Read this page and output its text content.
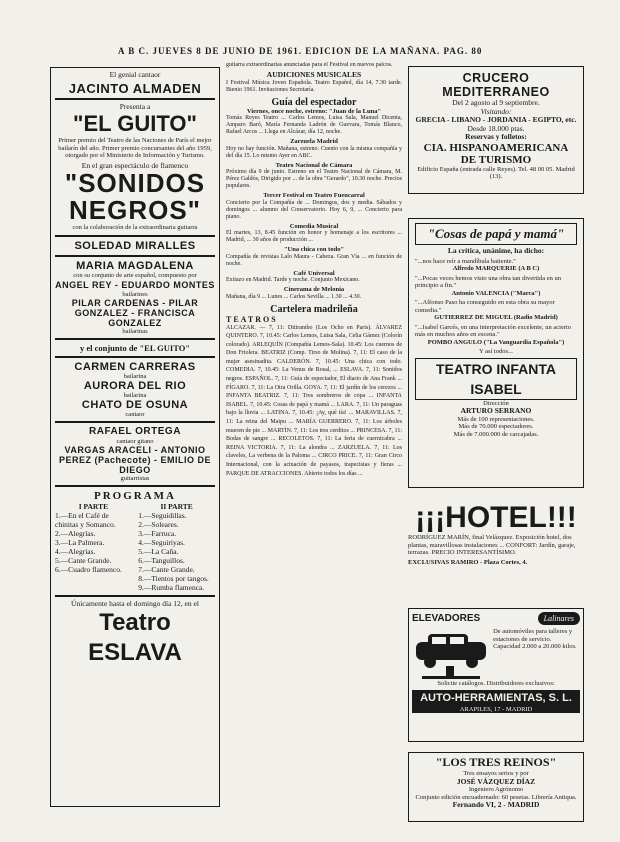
A B C. JUEVES 8 DE JUNIO DE 1961. EDICION DE LA MAÑANA. PAG. 80
El genial cantaor
JACINTO ALMADEN
Presenta a
"EL GUITO"
Primer premio del Teatro de las Naciones de París el mejor bailarín del año. Primer premio concursantes del año 1959, otorgado por el Ministerio de Información y Turismo.
En el gran espectáculo de flamenco
"SONIDOS
NEGROS"
con la colaboración de la extraordinaria guitarra
SOLEDAD MIRALLES
MARIA MAGDALENA
con su conjunto de arte español, compuesto por
ANGEL REY - EDUARDO MONTES
bailarines
PILAR CARDENAS - PILAR GONZALEZ - FRANCISCA GONZALEZ
bailarinas
y el conjunto de "EL GUITO"
CARMEN CARRERAS
bailarina
AURORA DEL RIO
bailarina
CHATO DE OSUNA
cantaor
RAFAEL ORTEGA
cantaor gitano
VARGAS ARACELI - ANTONIO PEREZ (Pachecote) - EMILIO DE DIEGO
guitarristas
PROGRAMA
I PARTE
1.—En el Café de chinitas y Somanco.
2.—Alegrías.
3.—La Palmera.
4.—Alegrías.
5.—Cante Grande.
6.—Cuadro flamenco.
II PARTE
1.—Seguidillas.
2.—Soleares.
3.—Farruca.
4.—Seguiriyas.
5.—La Caña.
6.—Tanguillos.
7.—Cante Grande.
8.—Tientos por tangos.
9.—Rumba flamenca.
Únicamente hasta el domingo día 12, en el
Teatro ESLAVA
guitarra extraordinarias anunciadas para el Festival en nuevos palcos.
AUDICIONES MUSICALES
I Festival Música Joven Española. Teatro Español, día 14, 7.30 tarde. Bienio 1961. Invitaciones Secretaría.
Guía del espectador
Viernes, once noche, estreno: "Juan de la Luna"
Tomás Reyes Teatro ... Carlos Lemos, Luisa Sala, Manuel Dicenta, Amparo Baró, María Fernanda Ladrón de Guevara, Tomás Blanco, Rafael Arcos ... Llega en Alcázar, día 12, noche.
Zarzuela Madrid
Hoy no hay función. Mañana, estreno. Cuento con la misma compañía y del día 15. Lo mismo Ayer en ABC.
Teatro Nacional de Cámara
Próximo día 9 de junio. Estreno en el Teatro Nacional de Cámara, M. Pérez Galdós, Dirigido por ... de la obra "Gerardo", 10.30 noche. Precios populares.
Tercer Festival en Teatro Fuencarral
Concierto por la Compañía de ... Domingos, dos y media. Sábados y domingos ... alumno del Conservatorio. Hoy 6, 9, ... Concierto para piano.
Comedia Musical
El martes, 13, 8.45 función en honor y homenaje a los escritores ... Madrid, ... 30 años de producción ...
"Una chica con todo"
Compañía de revistas Lalo Maura - Cabeza. Gran Vía ... en función de noche.
Café Universal
Exitazo en Madrid. Tarde y noche. Conjunto Mexicano.
Cinerama de Melonia
Mañana, día 9 ... Lunes ... Carlos Sevilla ... 1.30 ... 4.30.
Cartelera madrileña
TEATROS
ALCAZAR. — 7, 11: Ditirambo (Los Ocho en Paris). ÁLVAREZ QUINTERO. 7, 10.45: Carlos Lemos, Luisa Sala, Celia Gámez (Colorín colorado). ARLEQUÍN (Compañía Lemos-Sala). 10.45: Los cuernos de Don Friolera. BEATRIZ (Comp. Tirso de Molina). 7, 11: El caso de la mujer asesinadita. CALDERÓN. 7, 10.45: Una chica con todo. COMEDIA. 7, 10.45: La Venus de Rosal, ... ESLAVA. 7, 11: Sonidos negros. ESPAÑOL. 7, 11: Guía de espectador, El diario de Ana Frank ... FÍGARO. 7, 11: La Otra Orilla. GOYA. 7, 11: El jardín de los cerezos ... INFANTA BEATRIZ. 7, 11: Tres sombreros de copa ... INFANTA ISABEL. 7, 10.45: Cosas de papá y mamá ... LARA. 7, 11: Un paraguas bajo la lluvia ... LATINA. 7, 10.45: ¡Ay, qué tía! ... MARAVILLAS. 7, 11: La reina del Maipu ... MARÍA GUERRERO. 7, 11: Los árboles mueren de pie ... MARTÍN. 7, 11: Los tres cerditos ... PRINCESA. 7, 11: Bodas de sangre ... RECOLETOS. 7, 11: La feria de cuernicabra ... REINA VICTORIA. 7, 11: La alondra ... ZARZUELA. 7, 11: Los claveles, La verbena de la Paloma ... CIRCO PRICE. 7, 11: Gran Circo Internacional, con la actuación de payasos, trapecistas y fieras ... PARQUE DE ATRACCIONES. Abierto todos los días ...
CRUCERO MEDITERRANEO
Del 2 agosto al 9 septiembre.
Visitando:
GRECIA - LIBANO - JORDANIA - EGIPTO, etc.
Desde 18.000 ptas.
Reservas y folletos:
CIA. HISPANOAMERICANA
DE TURISMO
Edificio España (entrada calle Reyes). Tel. 48 00 05. Madrid (13).
"Cosas de papá y mamá"
La crítica, unánime, ha dicho:
"...nos hace reír a mandíbula batiente."
Alfredo MARQUERIE (A B C)
"...Pocas veces hemos visto una obra tan divertida en un principio a fin."
Antonio VALENCIA ("Marca")
"...Alfonso Paso ha conseguido en esta obra su mayor comedia."
GUTIERREZ DE MIGUEL (Radio Madrid)
"...Isabel Garcés, en una interpretación excelente, un acierto más en muchos años en escena."
POMBO ANGULO ("La Vanguardia Española")
Y así todos...
TEATRO INFANTA ISABEL
Dirección
ARTURO SERRANO
Más de 100 representaciones.
Más de 70.000 espectadores.
Más de 7.000.000 de carcajadas.
¡¡¡HOTEL!!!
RODRÍGUEZ MARÍN, final Velázquez. Exposición hotel, dos plantas, maravillosas instalaciones ... CONFORT: Jardín, garaje, terrazas. PRECIO INTERESANTÍSIMO.
EXCLUSIVAS RAMIRO - Plaza Cortes, 4.
ELEVADORES	Lalinares
De automóviles para talleres y estaciones de servicio. Capacidad 2.000 a 20.000 kilos.
Solicite catálogos. Distribuidores exclusivos:
AUTO-HERRAMIENTAS, S. L.
ARAPILES, 17 - MADRID
"LOS TRES REINOS"
Tres ensayos serios y por
JOSÉ VÁZQUEZ DÍAZ
Ingeniero Agrónomo
Conjunto edición encuadernado: 60 pesetas. Librería Antiqua.
Fernando VI, 2 - MADRID
